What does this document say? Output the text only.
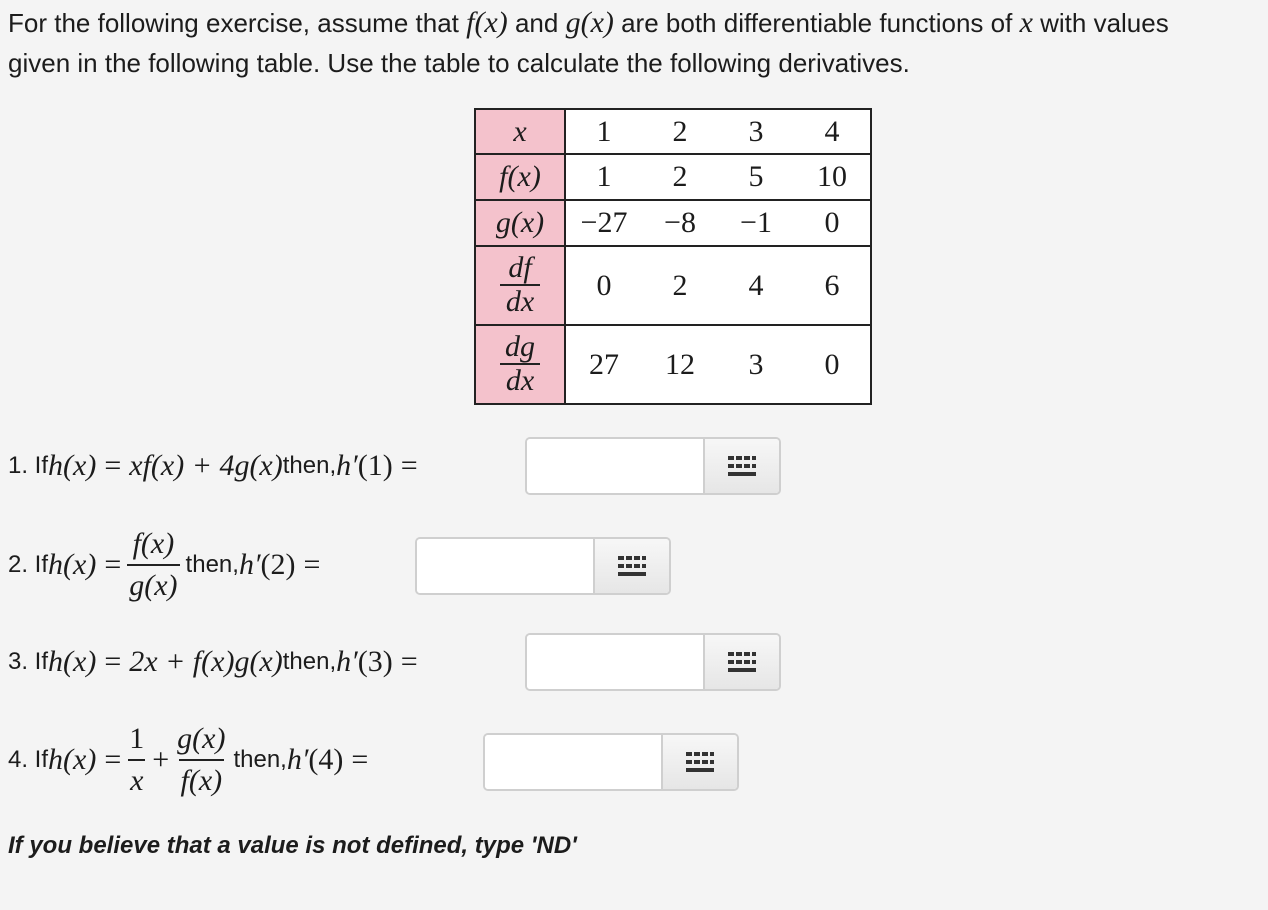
For the following exercise, assume that f(x) and g(x) are both differentiable functions of x with values
given in the following table. Use the table to calculate the following derivatives.
x	1	2	3	4
f(x)	1	2	5	10
g(x)	−27	−8	−1	0

$\frac{df}{dx}$	0	2	4	6

$\frac{dg}{dx}$	27	12	3	0
1. If h(x) = xf(x) + 4g(x) then, h′ (1) =
2. If $h(x) = \frac{f(x)}{g(x)}$ then, h′ (2) =
3. If h(x) = 2x + f(x)g(x) then, h′ (3) =
4. If $h(x) = \frac{1}{x} + \frac{g(x)}{f(x)}$ then, h′ (4) =
If you believe that a value is not defined, type 'ND'
